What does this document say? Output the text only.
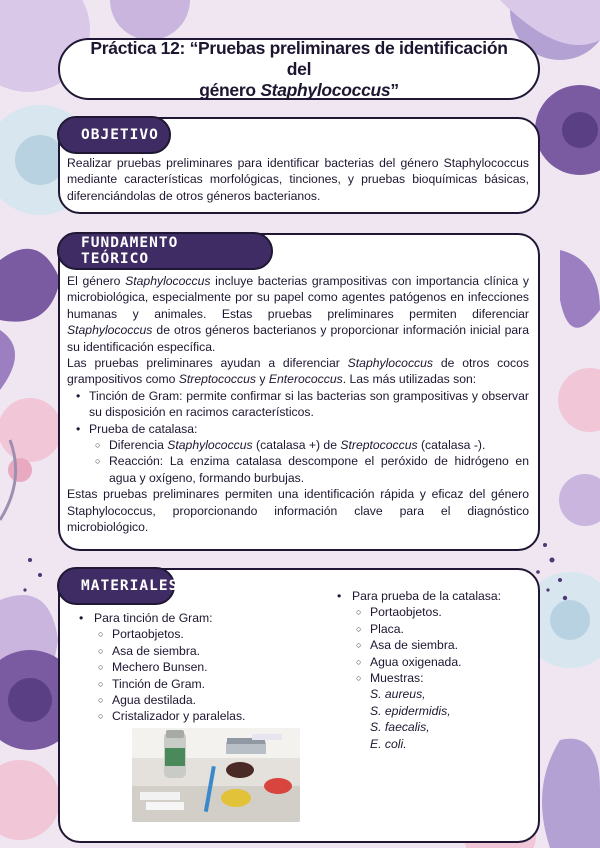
Práctica 12: “Pruebas preliminares de identificación del
género Staphylococcus”
OBJETIVO

Realizar pruebas preliminares para identificar bacterias del género Staphylococcus mediante características morfológicas, tinciones, y pruebas bioquímicas básicas, diferenciándolas de otros géneros bacterianos.

FUNDAMENTO TEÓRICO

El género Staphylococcus incluye bacterias grampositivas con importancia clínica y microbiológica, especialmente por su papel como agentes patógenos en infecciones humanas y animales. Estas pruebas preliminares permiten diferenciar Staphylococcus de otros géneros bacterianos y proporcionar información inicial para su identificación específica.

Las pruebas preliminares ayudan a diferenciar Staphylococcus de otros cocos grampositivos como Streptococcus y Enterococcus. Las más utilizadas son:

• Tinción de Gram: permite confirmar si las bacterias son grampositivas y observar su disposición en racimos característicos.
• Prueba de catalasa:
○ Diferencia Staphylococcus (catalasa +) de Streptococcus (catalasa -).
○ Reacción: La enzima catalasa descompone el peróxido de hidrógeno en agua y oxígeno, formando burbujas.

Estas pruebas preliminares permiten una identificación rápida y eficaz del género Staphylococcus, proporcionando información clave para el diagnóstico microbiológico.

MATERIALES
• Para tinción de Gram:
○ Portaobjetos.
○ Asa de siembra.
○ Mechero Bunsen.
○ Tinción de Gram.
○ Agua destilada.
○ Cristalizador y paralelas.
• Para prueba de la catalasa:
○ Portaobjetos.
○ Placa.
○ Asa de siembra.
○ Agua oxigenada.
○ Muestras:
S. aureus,
S. epidermidis,
S. faecalis,
E. coli.
